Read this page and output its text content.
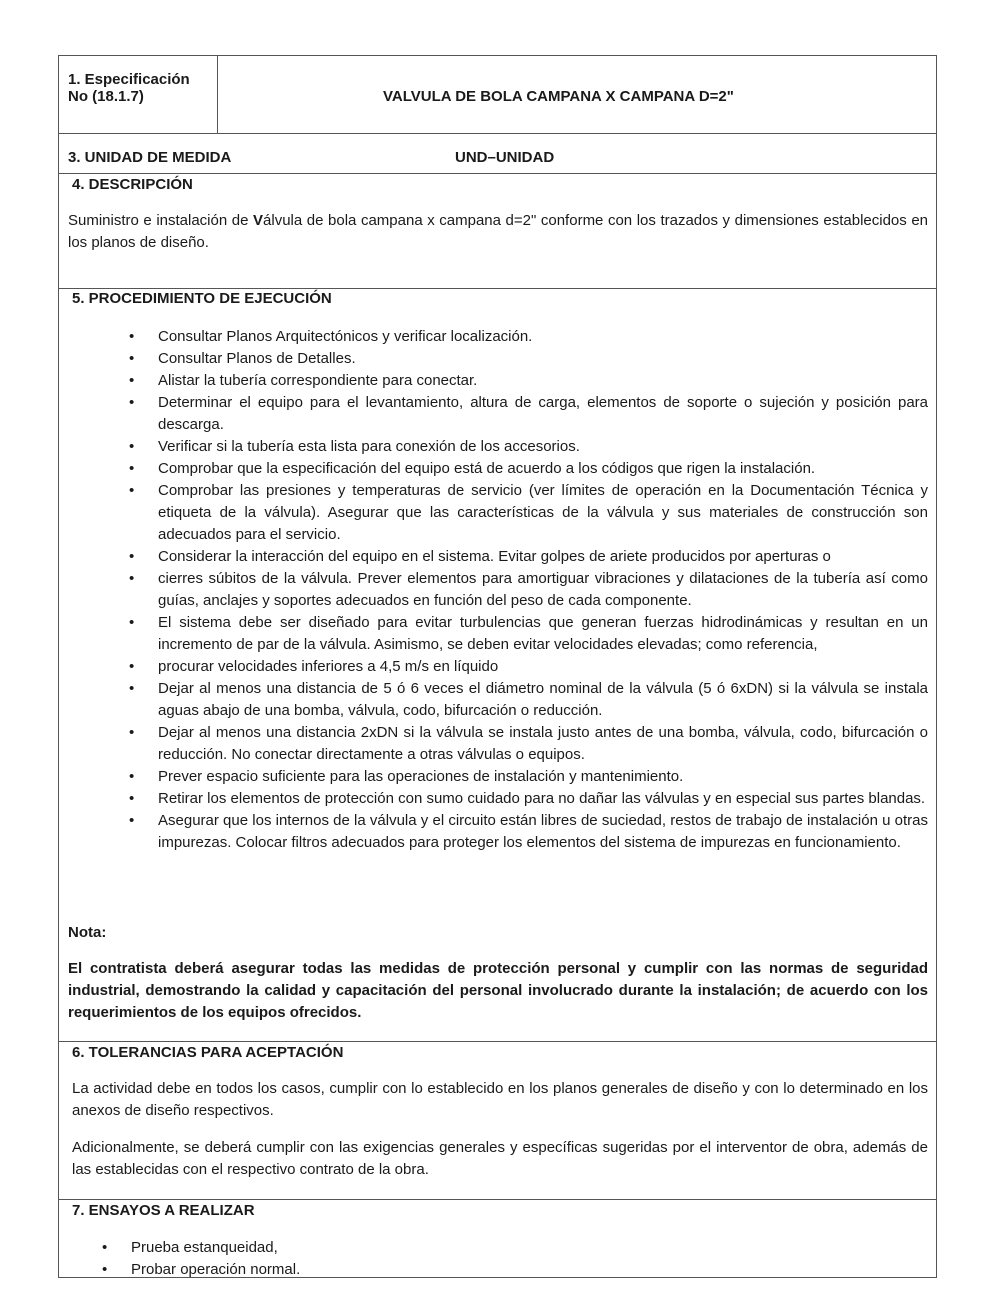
1. Especificación
No (18.1.7)	VALVULA DE BOLA CAMPANA X CAMPANA D=2"
3. UNIDAD DE MEDIDA	UND–UNIDAD
4. DESCRIPCIÓN
Suministro e instalación de Válvula de bola campana x campana d=2" conforme con los trazados y dimensiones establecidos en los planos de diseño.
5. PROCEDIMIENTO DE EJECUCIÓN
• Consultar Planos Arquitectónicos y verificar localización.
• Consultar Planos de Detalles.
• Alistar la tubería correspondiente para conectar.
• Determinar el equipo para el levantamiento, altura de carga, elementos de soporte o sujeción y posición para descarga.
• Verificar si la tubería esta lista para conexión de los accesorios.
• Comprobar que la especificación del equipo está de acuerdo a los códigos que rigen la instalación.
• Comprobar las presiones y temperaturas de servicio (ver límites de operación en la Documentación Técnica y etiqueta de la válvula). Asegurar que las características de la válvula y sus materiales de construcción son adecuados para el servicio.
• Considerar la interacción del equipo en el sistema. Evitar golpes de ariete producidos por aperturas o
• cierres súbitos de la válvula. Prever elementos para amortiguar vibraciones y dilataciones de la tubería así como guías, anclajes y soportes adecuados en función del peso de cada componente.
• El sistema debe ser diseñado para evitar turbulencias que generan fuerzas hidrodinámicas y resultan en un incremento de par de la válvula. Asimismo, se deben evitar velocidades elevadas; como referencia,
• procurar velocidades inferiores a 4,5 m/s en líquido
• Dejar al menos una distancia de 5 ó 6 veces el diámetro nominal de la válvula (5 ó 6xDN) si la válvula se instala aguas abajo de una bomba, válvula, codo, bifurcación o reducción.
• Dejar al menos una distancia 2xDN si la válvula se instala justo antes de una bomba, válvula, codo, bifurcación o reducción. No conectar directamente a otras válvulas o equipos.
• Prever espacio suficiente para las operaciones de instalación y mantenimiento.
• Retirar los elementos de protección con sumo cuidado para no dañar las válvulas y en especial sus partes blandas.
• Asegurar que los internos de la válvula y el circuito están libres de suciedad, restos de trabajo de instalación u otras impurezas. Colocar filtros adecuados para proteger los elementos del sistema de impurezas en funcionamiento.
Nota:
El contratista deberá asegurar todas las medidas de protección personal y cumplir con las normas de seguridad industrial, demostrando la calidad y capacitación del personal involucrado durante la instalación; de acuerdo con los requerimientos de los equipos ofrecidos.
6. TOLERANCIAS PARA ACEPTACIÓN
La actividad debe en todos los casos, cumplir con lo establecido en los planos generales de diseño y con lo determinado en los anexos de diseño respectivos.
Adicionalmente, se deberá cumplir con las exigencias generales y específicas sugeridas por el interventor de obra, además de las establecidas con el respectivo contrato de la obra.
7. ENSAYOS A REALIZAR
• Prueba estanqueidad,
• Probar operación normal.
